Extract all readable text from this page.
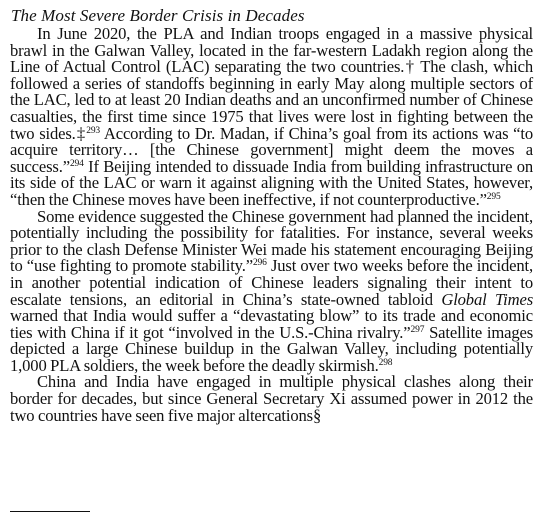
The Most Severe Border Crisis in Decades

In June 2020, the PLA and Indian troops engaged in a massive physical brawl in the Galwan Valley, located in the far-western Ladakh region along the Line of Actual Control (LAC) separating the two countries.† The clash, which followed a series of standoffs beginning in early May along multiple sectors of the LAC, led to at least 20 Indian deaths and an unconfirmed number of Chinese casualties, the first time since 1975 that lives were lost in fighting between the two sides.‡$^{293}$ According to Dr. Madan, if China’s goal from its actions was “to acquire territory… [the Chinese government] might deem the moves a success.”$^{294}$ If Beijing intended to dissuade India from building infrastructure on its side of the LAC or warn it against aligning with the United States, however, “then the Chinese moves have been ineffective, if not counterproductive.”$^{295}$

Some evidence suggested the Chinese government had planned the incident, potentially including the possibility for fatalities. For instance, several weeks prior to the clash Defense Minister Wei made his statement encouraging Beijing to “use fighting to promote stability.”$^{296}$ Just over two weeks before the incident, in another potential indication of Chinese leaders signaling their intent to escalate tensions, an editorial in China’s state-owned tabloid Global Times warned that India would suffer a “devastating blow” to its trade and economic ties with China if it got “involved in the U.S.-China rivalry.”$^{297}$ Satellite images depicted a large Chinese buildup in the Galwan Valley, including potentially 1,000 PLA soldiers, the week before the deadly skirmish.$^{298}$

China and India have engaged in multiple physical clashes along their border for decades, but since General Secretary Xi assumed power in 2012 the two countries have seen five major altercations§
